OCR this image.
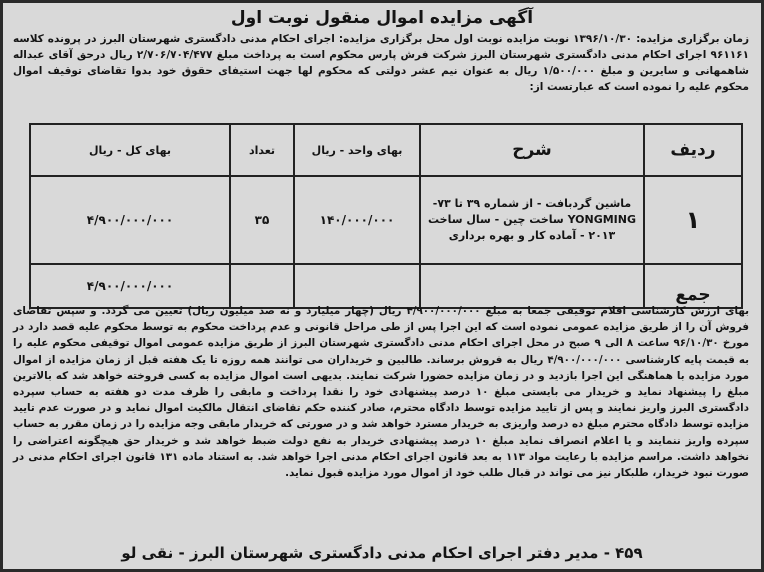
آگهی مزایده اموال منقول نوبت اول
زمان برگزاری مزایده: ۱۳۹۶/۱۰/۳۰ نوبت مزایده نوبت اول محل برگزاری مزایده: اجرای احکام مدنی دادگستری شهرستان البرز در پرونده کلاسه ۹۶۱۱۶۱ اجرای احکام مدنی دادگستری شهرستان البرز شرکت فرش پارس محکوم است به پرداخت مبلغ ۲/۷۰۶/۷۰۴/۴۷۷ ریال درحق آقای عبداله شاهمهانی و سایرین و مبلغ ۱/۵۰۰/۰۰۰ ریال به عنوان نیم عشر دولتی که محکوم لها جهت استیفای حقوق خود بدوا تقاضای توقیف اموال محکوم علیه را نموده است که عبارتست از:
ردیف	شرح	بهای واحد - ریال	تعداد	بهای کل - ریال
۱	ماشین گردبافت - از شماره ۳۹ تا ۷۳- YONGMING ساخت چین - سال ساخت ۲۰۱۳ - آماده کار و بهره برداری	۱۴۰/۰۰۰/۰۰۰	۳۵	۴/۹۰۰/۰۰۰/۰۰۰
جمع				۴/۹۰۰/۰۰۰/۰۰۰
بهای ارزش کارشناسی اقلام توقیفی جمعا به مبلغ ۴/۹۰۰/۰۰۰/۰۰۰ ریال (چهار میلیارد و نه صد میلیون ریال) تعیین می گردد. و سپس تقاضای فروش آن را از طریق مزایده عمومی نموده است که این اجرا پس از طی مراحل قانونی و عدم پرداخت محکوم به توسط محکوم علیه قصد دارد در مورخ ۹۶/۱۰/۳۰ ساعت ۸ الی ۹ صبح در محل اجرای احکام مدنی دادگستری شهرستان البرز از طریق مزایده عمومی اموال توقیفی محکوم علیه را به قیمت پایه کارشناسی ۴/۹۰۰/۰۰۰/۰۰۰ ریال به فروش برساند. طالبین و خریداران می توانند همه روزه تا یک هفته قبل از زمان مزایده از اموال مورد مزایده با هماهنگی این اجرا بازدید و در زمان مزایده حضورا شرکت نمایند. بدیهی است اموال مزایده به کسی فروخته خواهد شد که بالاترین مبلغ را پیشنهاد نماید و خریدار می بایستی مبلغ ۱۰ درصد پیشنهادی خود را نقدا پرداخت و مابقی را ظرف مدت دو هفته به حساب سپرده دادگستری البرز واریز نمایند و پس از تایید مزایده توسط دادگاه محترم، صادر کننده حکم تقاضای انتقال مالکیت اموال نماید و در صورت عدم تایید مزایده توسط دادگاه محترم مبلغ ده درصد واریزی به خریدار مسترد خواهد شد و در صورتی که خریدار مابقی وجه مزایده را در زمان مقرر به حساب سپرده واریز ننمایند و یا اعلام انصراف نماید مبلغ ۱۰ درصد پیشنهادی خریدار به نفع دولت ضبط خواهد شد و خریدار حق هیچگونه اعتراضی را نخواهد داشت. مراسم مزایده با رعایت مواد ۱۱۳ به بعد قانون اجرای احکام مدنی اجرا خواهد شد. به استناد ماده ۱۳۱ قانون اجرای احکام مدنی در صورت نبود خریدار، طلبکار نیز می تواند در قبال طلب خود از اموال مورد مزایده قبول نماید.
۴۵۹ - مدیر دفتر اجرای احکام مدنی دادگستری شهرستان البرز - نقی لو
